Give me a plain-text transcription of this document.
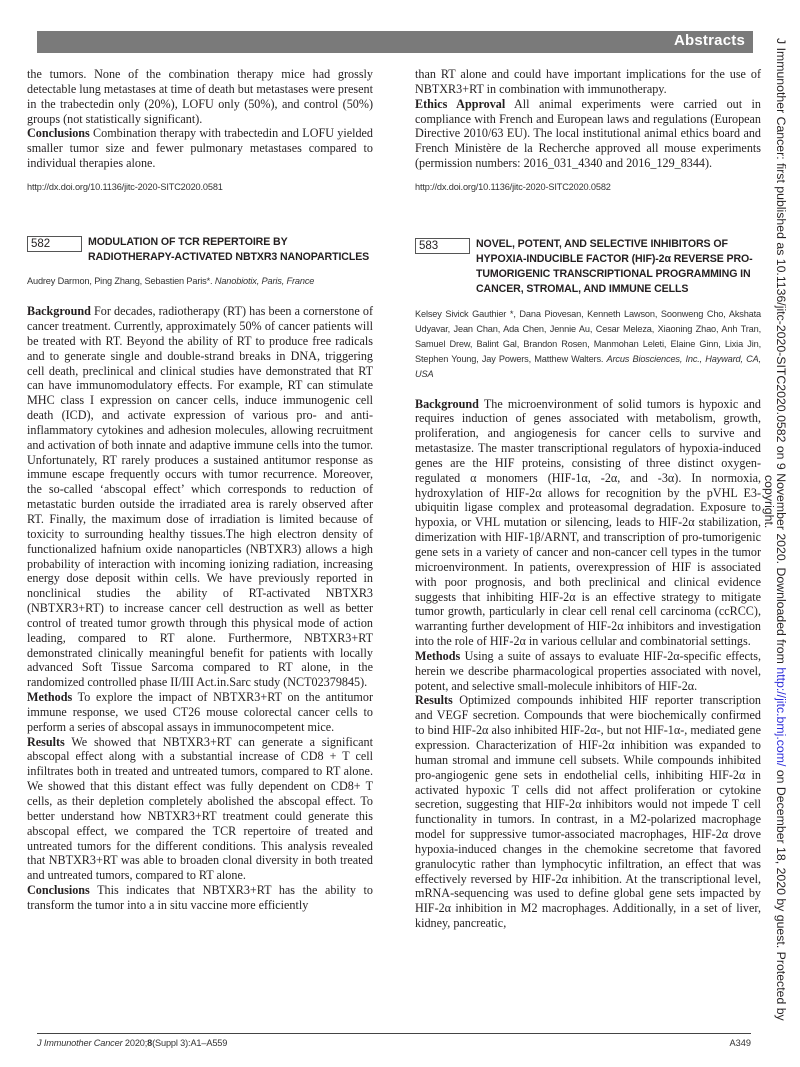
Abstracts

the tumors. None of the combination therapy mice had grossly detectable lung metastases at time of death but metastases were present in the trabectedin only (20%), LOFU only (50%), and control (50%) groups (not statistically significant).

Conclusions Combination therapy with trabectedin and LOFU yielded smaller tumor size and fewer pulmonary metastases compared to individual therapies alone.

http://dx.doi.org/10.1136/jitc-2020-SITC2020.0581

582	MODULATION OF TCR REPERTOIRE BY RADIOTHERAPY-ACTIVATED NBTXR3 NANOPARTICLES

Audrey Darmon, Ping Zhang, Sebastien Paris*. Nanobiotix, Paris, France

Background For decades, radiotherapy (RT) has been a cornerstone of cancer treatment. Currently, approximately 50% of cancer patients will be treated with RT. Beyond the ability of RT to produce free radicals and to generate single and double-strand breaks in DNA, triggering cell death, preclinical and clinical studies have demonstrated that RT can have immunomodulatory effects. For example, RT can stimulate MHC class I expression on cancer cells, induce immunogenic cell death (ICD), and activate expression of various pro- and anti-inflammatory cytokines and adhesion molecules, allowing recruitment and activation of both innate and adaptive immune cells into the tumor. Unfortunately, RT rarely produces a sustained antitumor response as immune escape frequently occurs with tumor recurrence. Moreover, the so-called ‘abscopal effect’ which corresponds to reduction of metastatic burden outside the irradiated area is rarely observed after RT. Finally, the maximum dose of irradiation is limited because of toxicity to surrounding healthy tissues.The high electron density of functionalized hafnium oxide nanoparticles (NBTXR3) allows a high probability of interaction with incoming ionizing radiation, increasing energy dose deposit within cells. We have previously reported in nonclinical studies the ability of RT-activated NBTXR3 (NBTXR3+RT) to increase cancer cell destruction as well as better control of treated tumor growth through this physical mode of action leading, compared to RT alone. Furthermore, NBTXR3+RT demonstrated clinically meaningful benefit for patients with locally advanced Soft Tissue Sarcoma compared to RT alone, in the randomized controlled phase II/III Act.in.Sarc study (NCT02379845).

Methods To explore the impact of NBTXR3+RT on the antitumor immune response, we used CT26 mouse colorectal cancer cells to perform a series of abscopal assays in immunocompetent mice.

Results We showed that NBTXR3+RT can generate a significant abscopal effect along with a substantial increase of CD8 + T cell infiltrates both in treated and untreated tumors, compared to RT alone. We showed that this distant effect was fully dependent on CD8+ T cells, as their depletion completely abolished the abscopal effect. To better understand how NBTXR3+RT treatment could generate this abscopal effect, we compared the TCR repertoire of treated and untreated tumors for the different conditions. This analysis revealed that NBTXR3+RT was able to broaden clonal diversity in both treated and untreated tumors, compared to RT alone.

Conclusions This indicates that NBTXR3+RT has the ability to transform the tumor into a in situ vaccine more efficiently

than RT alone and could have important implications for the use of NBTXR3+RT in combination with immunotherapy.

Ethics Approval All animal experiments were carried out in compliance with French and European laws and regulations (European Directive 2010/63 EU). The local institutional animal ethics board and French Ministère de la Recherche approved all mouse experiments (permission numbers: 2016_031_4340 and 2016_129_8344).

http://dx.doi.org/10.1136/jitc-2020-SITC2020.0582

583	NOVEL, POTENT, AND SELECTIVE INHIBITORS OF HYPOXIA-INDUCIBLE FACTOR (HIF)-2α REVERSE PRO-TUMORIGENIC TRANSCRIPTIONAL PROGRAMMING IN CANCER, STROMAL, AND IMMUNE CELLS

Kelsey Sivick Gauthier *, Dana Piovesan, Kenneth Lawson, Soonweng Cho, Akshata Udyavar, Jean Chan, Ada Chen, Jennie Au, Cesar Meleza, Xiaoning Zhao, Anh Tran, Samuel Drew, Balint Gal, Brandon Rosen, Manmohan Leleti, Elaine Ginn, Lixia Jin, Stephen Young, Jay Powers, Matthew Walters. Arcus Biosciences, Inc., Hayward, CA, USA

Background The microenvironment of solid tumors is hypoxic and requires induction of genes associated with metabolism, growth, proliferation, and angiogenesis for cancer cells to survive and metastasize. The master transcriptional regulators of hypoxia-induced genes are the HIF proteins, consisting of three distinct oxygen-regulated α monomers (HIF-1α, -2α, and -3α). In normoxia, hydroxylation of HIF-2α allows for recognition by the pVHL E3-ubiquitin ligase complex and proteasomal degradation. Exposure to hypoxia, or VHL mutation or silencing, leads to HIF-2α stabilization, dimerization with HIF-1β/ARNT, and transcription of pro-tumorigenic gene sets in a variety of cancer and non-cancer cell types in the tumor microenvironment. In patients, overexpression of HIF is associated with poor prognosis, and both preclinical and clinical evidence suggests that inhibiting HIF-2α is an effective strategy to mitigate tumor growth, particularly in clear cell renal cell carcinoma (ccRCC), warranting further development of HIF-2α inhibitors and investigation into the role of HIF-2α in various cellular and combinatorial settings.

Methods Using a suite of assays to evaluate HIF-2α-specific effects, herein we describe pharmacological properties associated with novel, potent, and selective small-molecule inhibitors of HIF-2α.

Results Optimized compounds inhibited HIF reporter transcription and VEGF secretion. Compounds that were biochemically confirmed to bind HIF-2α also inhibited HIF-2α-, but not HIF-1α-, mediated gene expression. Characterization of HIF-2α inhibition was expanded to human stromal and immune cell subsets. While compounds inhibited pro-angiogenic gene sets in endothelial cells, inhibiting HIF-2α in activated hypoxic T cells did not affect proliferation or cytokine secretion, suggesting that HIF-2α inhibitors would not impede T cell functionality in tumors. In contrast, in a M2-polarized macrophage model for suppressive tumor-associated macrophages, HIF-2α drove hypoxia-induced changes in the chemokine secretome that favored granulocytic rather than lymphocytic infiltration, an effect that was effectively reversed by HIF-2α inhibition. At the transcriptional level, mRNA-sequencing was used to define global gene sets impacted by HIF-2α inhibition in M2 macrophages. Additionally, in a set of liver, kidney, pancreatic,

J Immunother Cancer 2020;8(Suppl 3):A1–A559	A349
J Immunother Cancer: first published as 10.1136/jitc-2020-SITC2020.0582 on 9 November 2020. Downloaded from http://jitc.bmj.com/ on December 18, 2020 by guest. Protected by
copyright.
